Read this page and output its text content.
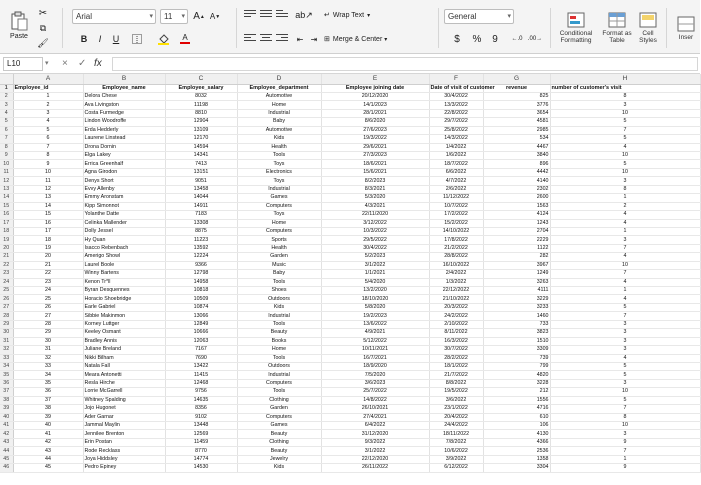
Paste
✂
⧉
🖌
Arial	▾ 11 ▾ A ▲ A ▼
B I U	A
ab↗ ↵ Wrap Text ▾
⇤ ⇥ ⊞ Merge & Center ▾
General	▾
$ % 9 ←.0 .00→
Conditional Formatting
Format as Table
Cell Styles	Inser
L10	▾ × ✓ fx
	A	B	C	D	E	F	G	H	
1	Employee_id	Employee_name	Employee_salary	Employee_department	Employee joining date	Date of visit of customer	revenue	number of customer's visit	
2	1	Delora Chese	8032	Automotive	20/12/2020	30/4/2022	825	8	
3	2	Ava Livingston	11198	Home	14/1/2023	13/3/2022	3776	3	
4	3	Costa Furmedge	8810	Industrial	28/1/2021	22/8/2022	3654	10	
5	4	Lindon Woodroffe	12904	Baby	8/6/2020	29/7/2022	4581	5	
6	5	Erda Hedderly	13109	Automotive	27/6/2023	25/8/2022	2985	7	
7	6	Laurene Linstead	12170	Kids	19/3/2022	14/3/2022	534	5	
8	7	Drona Dornin	14594	Health	29/6/2021	1/4/2022	4467	4	
9	8	Elga Lakey	14341	Tools	27/3/2023	1/6/2022	3840	10	
10	9	Errica Greenhalf	7413	Toys	18/6/2021	18/7/2022	896	5	
11	10	Agna Girodon	13151	Electronics	15/6/2021	6/6/2022	4442	10	
12	11	Denys Short	9051	Toys	8/2/2023	4/7/2022	4140	3	
13	12	Evvy Allenby	13458	Industrial	8/3/2021	2/6/2022	2302	8	
14	13	Emmy Aronstam	14044	Games	5/3/2020	11/12/2022	2600	1	
15	14	Kipp Simonnot	14911	Computers	4/3/2021	10/7/2022	1563	2	
16	15	Yolanthe Datte	7183	Toys	22/11/2020	17/2/2022	4124	4	
17	16	Celinka Mallender	13308	Home	3/12/2022	15/2/2022	1243	4	
18	17	Dolly Jessel	8875	Computers	10/3/2022	14/10/2022	2704	1	
19	18	Hy Quan	11223	Sports	29/5/2022	17/8/2022	2229	3	
20	19	Isacco Rebenbach	13592	Health	30/4/2022	21/2/2022	1122	7	
21	20	Amerigo Showl	12224	Garden	5/2/2023	28/8/2022	282	4	
22	21	Laurel Boole	9366	Music	3/1/2022	16/10/2022	3967	10	
23	22	Winny Bartens	12798	Baby	1/1/2021	2/4/2022	1249	7	
24	23	Kenon Tr*ll	14958	Tools	5/4/2020	1/3/2022	3263	4	
25	24	Byran Desquennes	10818	Shoes	13/2/2020	22/12/2022	4111	1	
26	25	Horacio Shoebridge	10509	Outdoors	18/10/2020	21/10/2022	3229	4	
27	26	Earle Gabriel	10874	Kids	5/8/2020	20/3/2022	3233	5	
28	27	Sibbie Makinmon	13066	Industrial	19/2/2023	24/2/2022	1460	7	
29	28	Korney Luttger	12849	Tools	13/6/2022	2/10/2022	733	3	
30	29	Keeley Osmant	10666	Beauty	4/9/2021	8/11/2022	3823	3	
31	30	Bradley Annis	12063	Books	5/12/2022	16/3/2022	1510	3	
32	31	Juliane Breland	7167	Home	10/11/2021	30/7/2022	3309	3	
33	32	Nikki Bilham	7690	Tools	16/7/2021	28/2/2022	739	4	
34	33	Natala Fall	13422	Outdoors	18/9/2020	18/1/2022	799	5	
35	34	Meara Antonetti	11415	Industrial	7/5/2020	21/7/2022	4820	5	
36	35	Resla Hirche	12468	Computers	3/6/2023	8/8/2022	3228	3	
37	36	Lorrie McGarrell	9756	Tools	25/7/2022	19/5/2022	212	10	
38	37	Whitney Spalding	14635	Clothing	14/8/2022	3/6/2022	1556	5	
39	38	Jojo Hugonet	8356	Garden	26/10/2021	23/1/2022	4716	7	
40	39	Ader Garnar	9102	Computers	27/4/2021	20/4/2022	610	8	
41	40	Jammal Maylin	13448	Games	6/4/2022	24/4/2022	106	10	
42	41	Jennilee Brenton	12569	Beauty	31/12/2020	18/11/2022	4130	3	
43	42	Erin Postan	11459	Clothing	9/3/2022	7/8/2022	4366	9	
44	43	Rode Recklass	8770	Beauty	3/1/2022	10/6/2022	2536	7	
45	44	Joya Hiddsley	14774	Jewelry	22/12/2020	3/9/2022	1358	1	
46	45	Pedro Epiney	14530	Kids	26/11/2022	6/12/2022	3304	9	
